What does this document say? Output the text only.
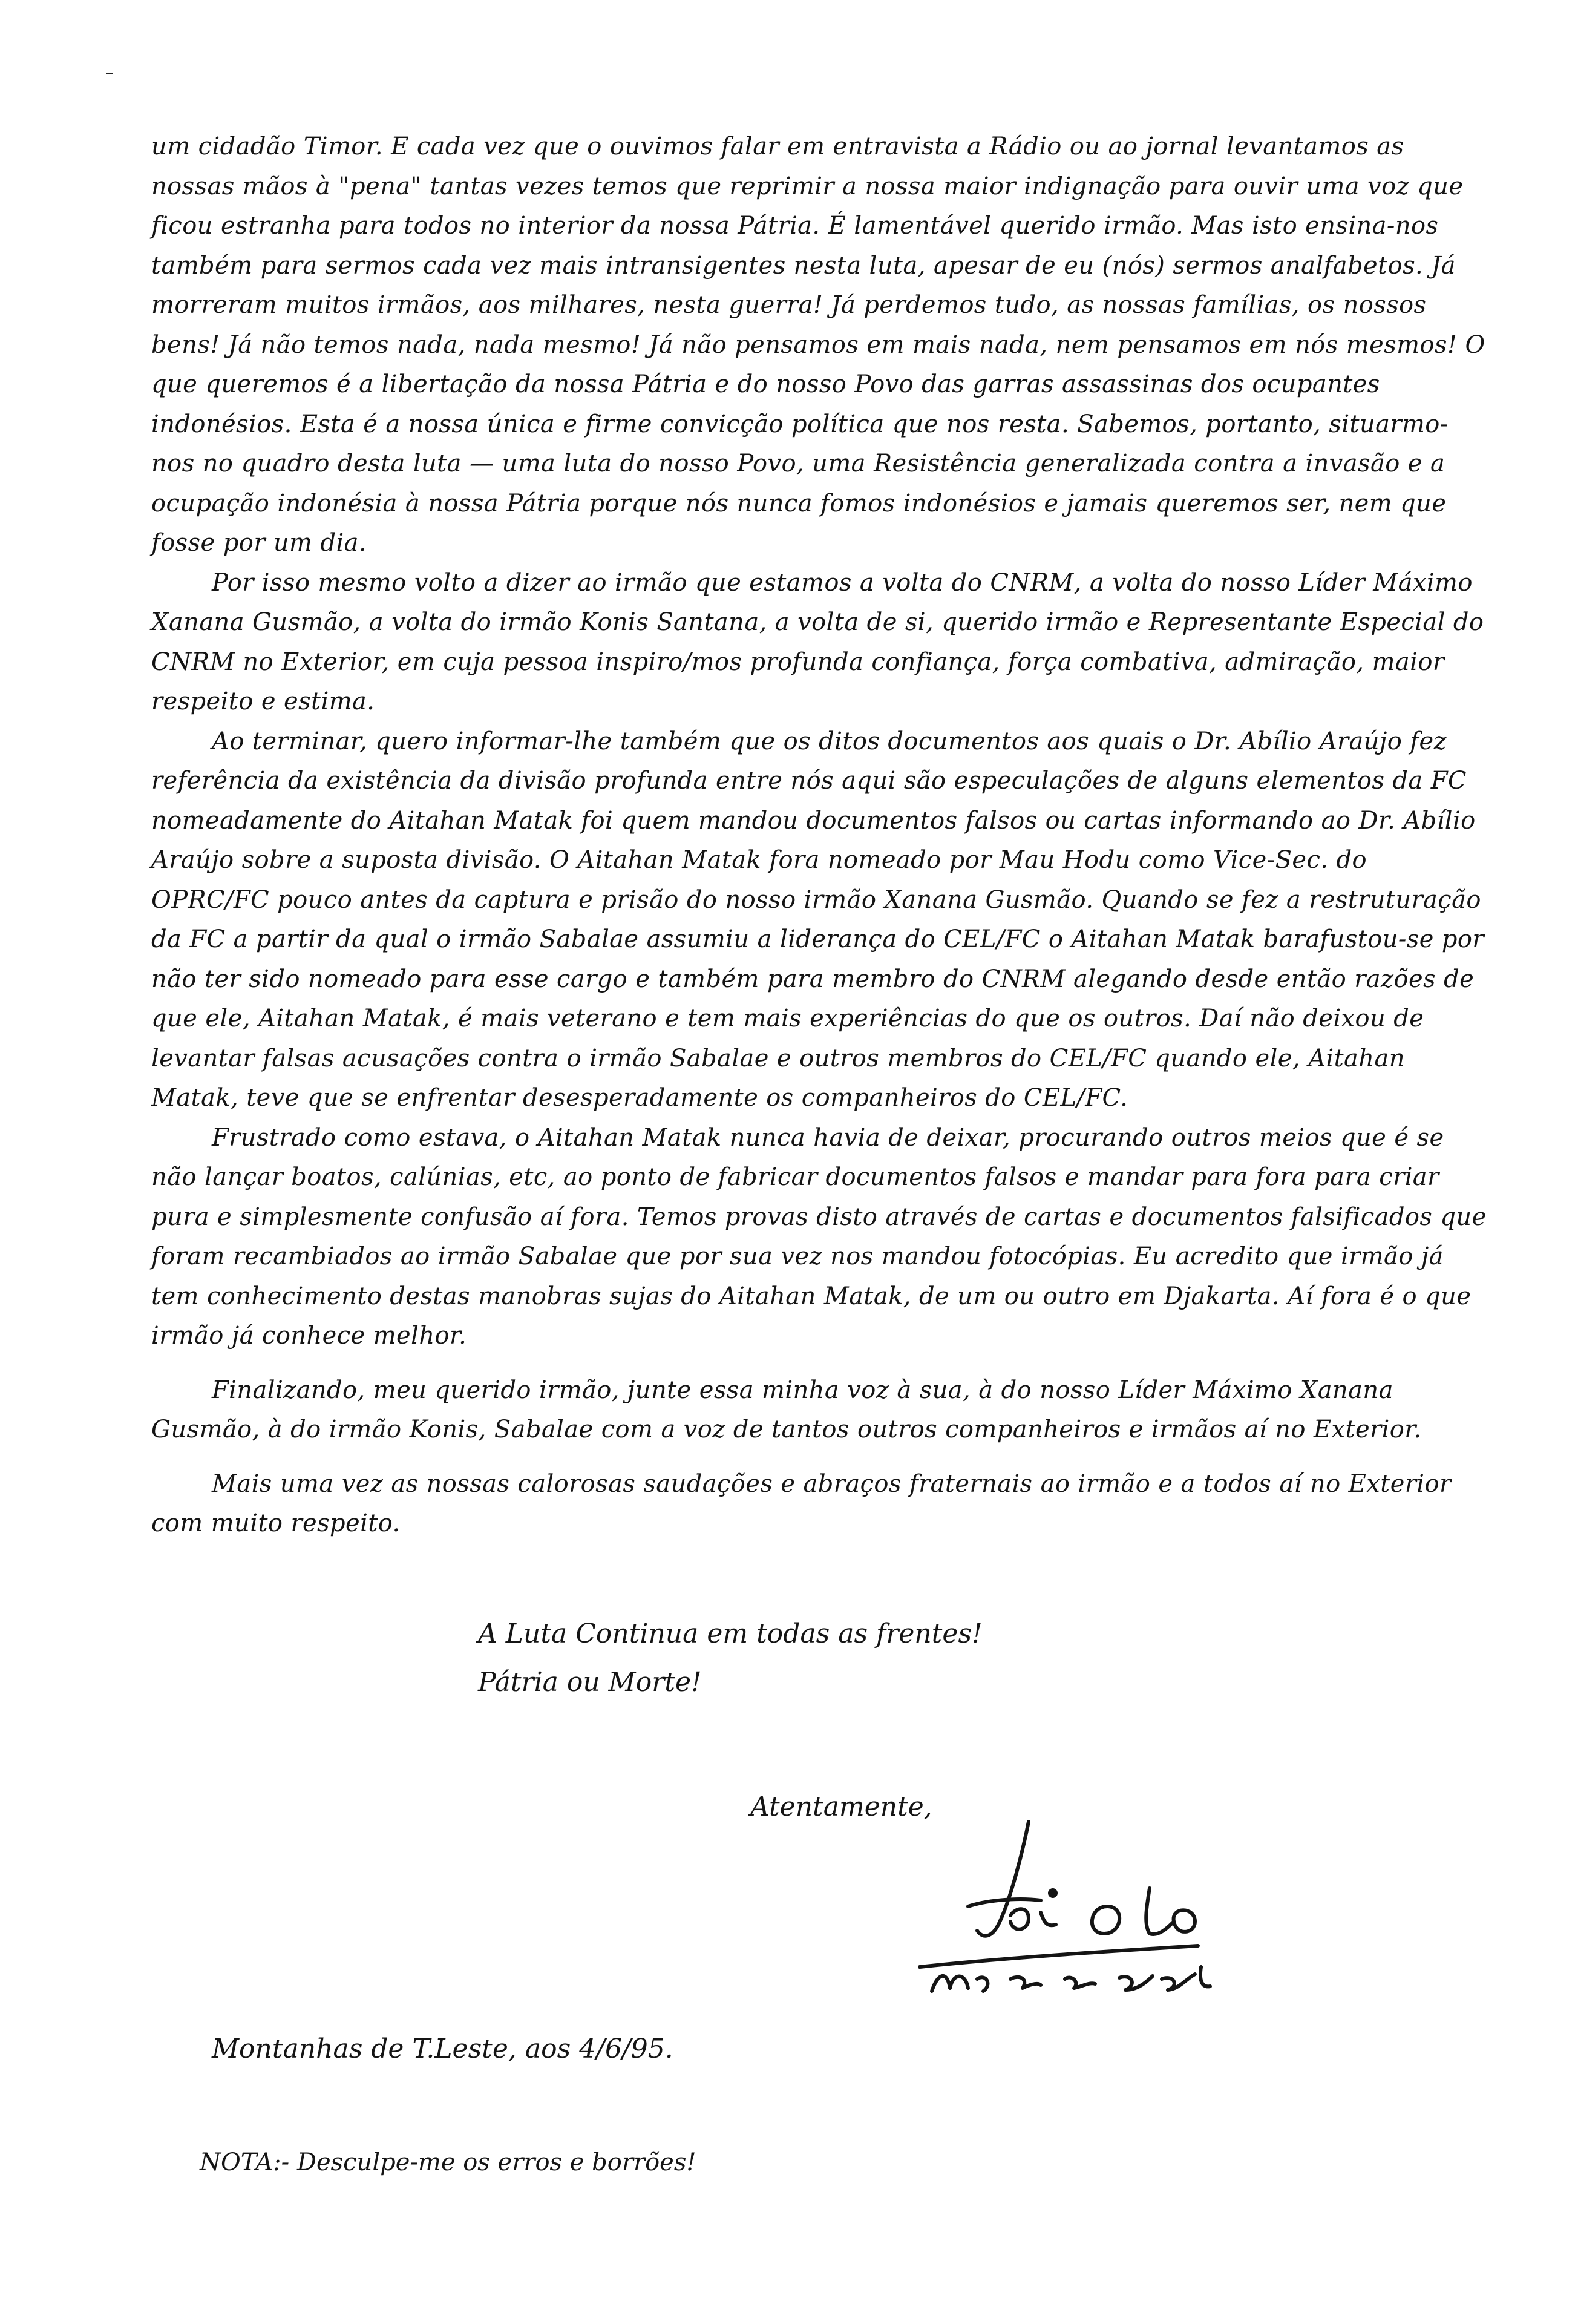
um cidadão Timor. E cada vez que o ouvimos falar em entravista a Rádio ou ao jornal levantamos as nossas mãos à "pena" tantas vezes temos que reprimir a nossa maior indignação para ouvir uma voz que ficou estranha para todos no interior da nossa Pátria. É lamentável querido irmão. Mas isto ensina-nos também para sermos cada vez mais intransigentes nesta luta, apesar de eu (nós) sermos analfabetos. Já morreram muitos irmãos, aos milhares, nesta guerra! Já perdemos tudo, as nossas famílias, os nossos bens! Já não temos nada, nada mesmo! Já não pensamos em mais nada, nem pensamos em nós mesmos! O que queremos é a libertação da nossa Pátria e do nosso Povo das garras assassinas dos ocupantes indonésios. Esta é a nossa única e firme convicção política que nos resta. Sabemos, portanto, situarmo-nos no quadro desta luta — uma luta do nosso Povo, uma Resistência generalizada contra a invasão e a ocupação indonésia à nossa Pátria porque nós nunca fomos indonésios e jamais queremos ser, nem que fosse por um dia.

Por isso mesmo volto a dizer ao irmão que estamos a volta do CNRM, a volta do nosso Líder Máximo Xanana Gusmão, a volta do irmão Konis Santana, a volta de si, querido irmão e Representante Especial do CNRM no Exterior, em cuja pessoa inspiro/mos profunda confiança, força combativa, admiração, maior respeito e estima.

Ao terminar, quero informar-lhe também que os ditos documentos aos quais o Dr. Abílio Araújo fez referência da existência da divisão profunda entre nós aqui são especulações de alguns elementos da FC nomeadamente do Aitahan Matak foi quem mandou documentos falsos ou cartas informando ao Dr. Abílio Araújo sobre a suposta divisão. O Aitahan Matak fora nomeado por Mau Hodu como Vice-Sec. do OPRC/FC pouco antes da captura e prisão do nosso irmão Xanana Gusmão. Quando se fez a restruturação da FC a partir da qual o irmão Sabalae assumiu a liderança do CEL/FC o Aitahan Matak barafustou-se por não ter sido nomeado para esse cargo e também para membro do CNRM alegando desde então razões de que ele, Aitahan Matak, é mais veterano e tem mais experiências do que os outros. Daí não deixou de levantar falsas acusações contra o irmão Sabalae e outros membros do CEL/FC quando ele, Aitahan Matak, teve que se enfrentar desesperadamente os companheiros do CEL/FC.

Frustrado como estava, o Aitahan Matak nunca havia de deixar, procurando outros meios que é se não lançar boatos, calúnias, etc, ao ponto de fabricar documentos falsos e mandar para fora para criar pura e simplesmente confusão aí fora. Temos provas disto através de cartas e documentos falsificados que foram recambiados ao irmão Sabalae que por sua vez nos mandou fotocópias. Eu acredito que irmão já tem conhecimento destas manobras sujas do Aitahan Matak, de um ou outro em Djakarta. Aí fora é o que irmão já conhece melhor.

Finalizando, meu querido irmão, junte essa minha voz à sua, à do nosso Líder Máximo Xanana Gusmão, à do irmão Konis, Sabalae com a voz de tantos outros companheiros e irmãos aí no Exterior.

Mais uma vez as nossas calorosas saudações e abraços fraternais ao irmão e a todos aí no Exterior com muito respeito.

A Luta Continua em todas as frentes!
Pátria ou Morte!
Atentamente,
Montanhas de T.Leste, aos 4/6/95.
NOTA:- Desculpe-me os erros e borrões!
